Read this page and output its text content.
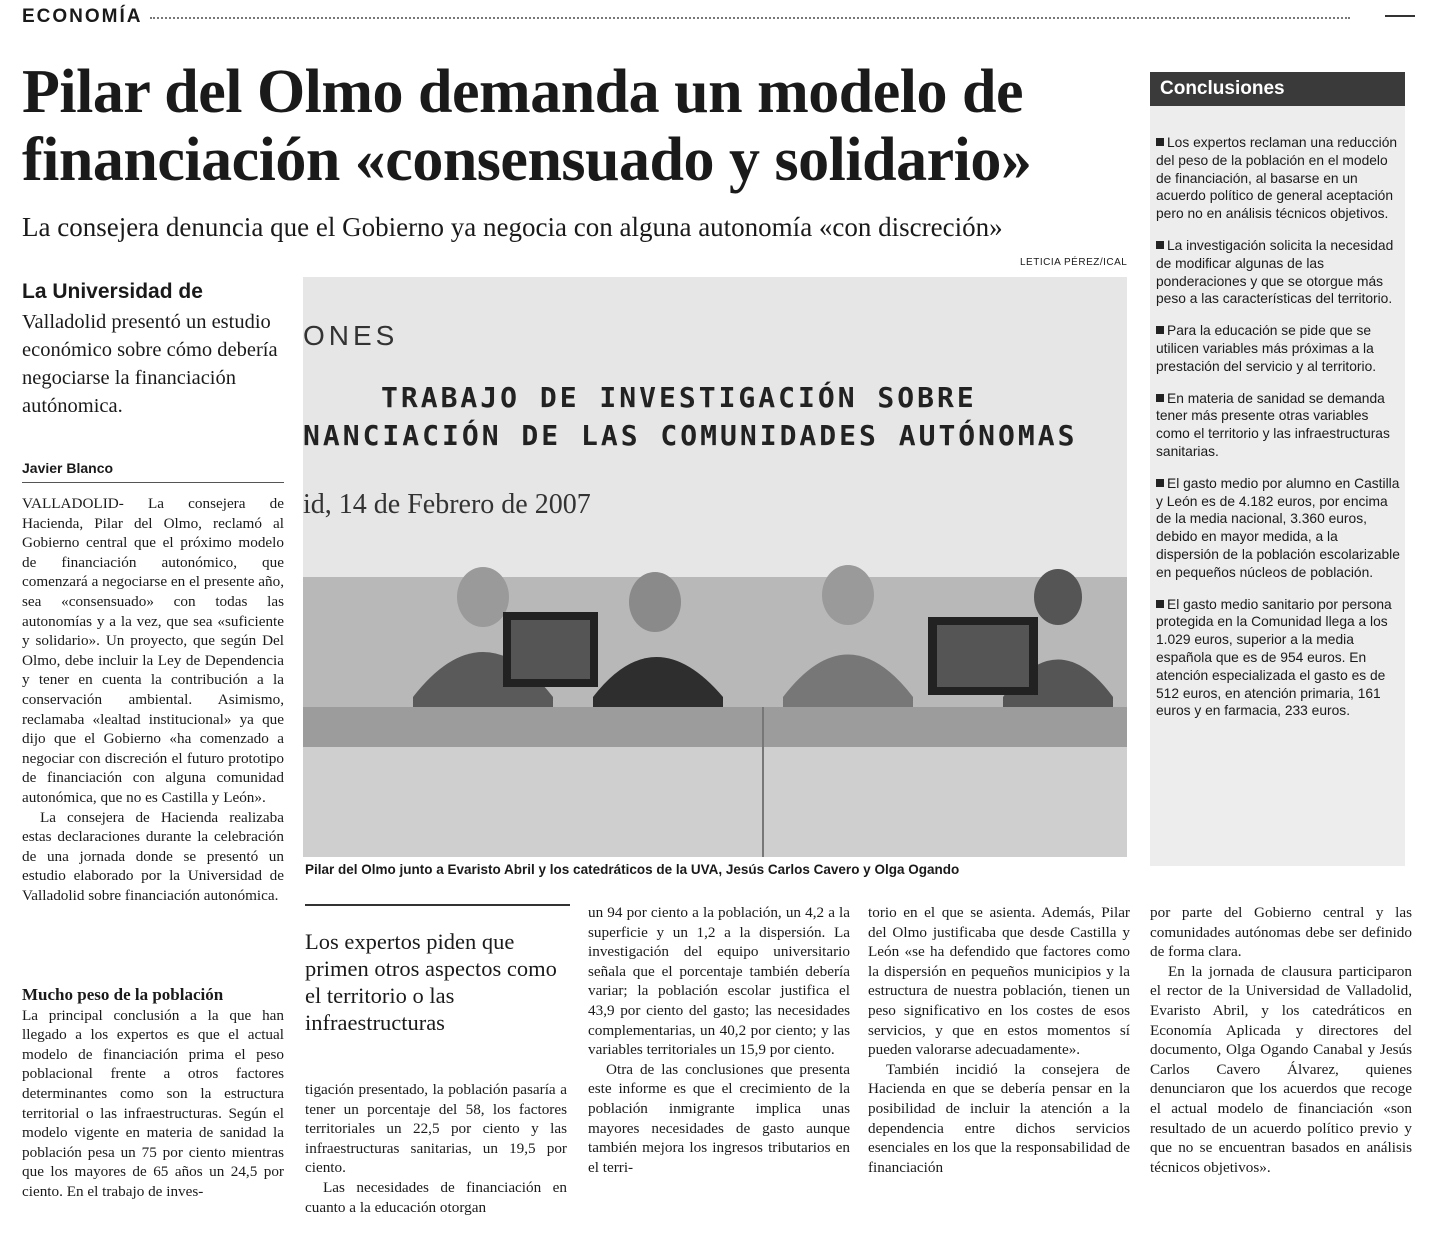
ECONOMÍA
Pilar del Olmo demanda un modelo de financiación «consensuado y solidario»
La consejera denuncia que el Gobierno ya negocia con alguna autonomía «con discreción»
LETICIA PÉREZ/ICAL
La Universidad de
Valladolid presentó un estudio económico sobre cómo debería negociarse la financiación autónomica.
Javier Blanco

VALLADOLID- La consejera de Hacienda, Pilar del Olmo, reclamó al Gobierno central que el próximo modelo de financiación autonómico, que comenzará a negociarse en el presente año, sea «consensuado» con todas las autonomías y a la vez, que sea «suficiente y solidario». Un proyecto, que según Del Olmo, debe incluir la Ley de Dependencia y tener en cuenta la contribución a la conservación ambiental. Asimismo, reclamaba «lealtad institucional» ya que dijo que el Gobierno «ha comenzado a negociar con discreción el futuro prototipo de financiación con alguna comunidad autonómica, que no es Castilla y León».

La consejera de Hacienda realizaba estas declaraciones durante la celebración de una jornada donde se presentó un estudio elaborado por la Universidad de Valladolid sobre financiación autonómica.

Mucho peso de la población

La principal conclusión a la que han llegado a los expertos es que el actual modelo de financiación prima el peso poblacional frente a otros factores determinantes como son la estructura territorial o las infraestructuras. Según el modelo vigente en materia de sanidad la población pesa un 75 por ciento mientras que los mayores de 65 años un 24,5 por ciento. En el trabajo de inves-

ONES
TRABAJO DE INVESTIGACIÓN SOBRE
NANCIACIÓN DE LAS COMUNIDADES AUTÓNOMAS
id, 14 de Febrero de 2007
Pilar del Olmo junto a Evaristo Abril y los catedráticos de la UVA, Jesús Carlos Cavero y Olga Ogando
Los expertos piden que primen otros aspectos como el territorio o las infraestructuras

tigación presentado, la población pasaría a tener un porcentaje del 58, los factores territoriales un 22,5 por ciento y las infraestructuras sanitarias, un 19,5 por ciento.

Las necesidades de financiación en cuanto a la educación otorgan

un 94 por ciento a la población, un 4,2 a la superficie y un 1,2 a la dispersión. La investigación del equipo universitario señala que el porcentaje también debería variar; la población escolar justifica el 43,9 por ciento del gasto; las necesidades complementarias, un 40,2 por ciento; y las variables territoriales un 15,9 por ciento.

Otra de las conclusiones que presenta este informe es que el crecimiento de la población inmigrante implica unas mayores necesidades de gasto aunque también mejora los ingresos tributarios en el terri-

torio en el que se asienta. Además, Pilar del Olmo justificaba que desde Castilla y León «se ha defendido que factores como la dispersión en pequeños municipios y la estructura de nuestra población, tienen un peso significativo en los costes de esos servicios, y que en estos momentos sí pueden valorarse adecuadamente».

También incidió la consejera de Hacienda en que se debería pensar en la posibilidad de incluir la atención a la dependencia entre dichos servicios esenciales en los que la responsabilidad de financiación

por parte del Gobierno central y las comunidades autónomas debe ser definido de forma clara.

En la jornada de clausura participaron el rector de la Universidad de Valladolid, Evaristo Abril, y los catedráticos en Economía Aplicada y directores del documento, Olga Ogando Canabal y Jesús Carlos Cavero Álvarez, quienes denunciaron que los acuerdos que recoge el actual modelo de financiación «son resultado de un acuerdo político previo y que no se encuentran basados en análisis técnicos objetivos».

Conclusiones
Los expertos reclaman una reducción del peso de la población en el modelo de financiación, al basarse en un acuerdo político de general aceptación pero no en análisis técnicos objetivos.
La investigación solicita la necesidad de modificar algunas de las ponderaciones y que se otorgue más peso a las características del territorio.
Para la educación se pide que se utilicen variables más próximas a la prestación del servicio y al territorio.
En materia de sanidad se demanda tener más presente otras variables como el territorio y las infraestructuras sanitarias.
El gasto medio por alumno en Castilla y León es de 4.182 euros, por encima de la media nacional, 3.360 euros, debido en mayor medida, a la dispersión de la población escolarizable en pequeños núcleos de población.
El gasto medio sanitario por persona protegida en la Comunidad llega a los 1.029 euros, superior a la media española que es de 954 euros. En atención especializada el gasto es de 512 euros, en atención primaria, 161 euros y en farmacia, 233 euros.
